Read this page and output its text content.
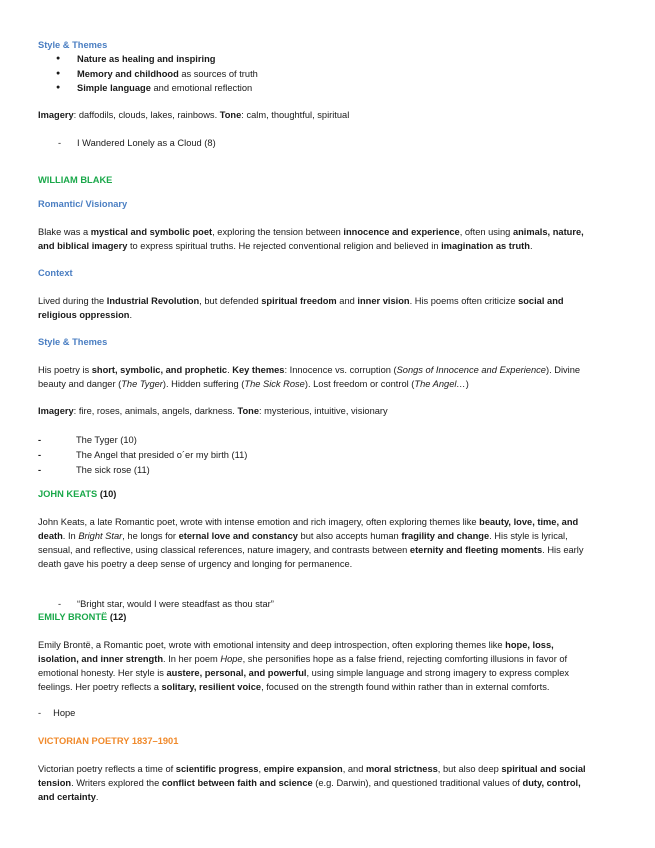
Style & Themes
● Nature as healing and inspiring
● Memory and childhood as sources of truth
● Simple language and emotional reflection
Imagery: daffodils, clouds, lakes, rainbows. Tone: calm, thoughtful, spiritual
- I Wandered Lonely as a Cloud (8)
WILLIAM BLAKE
Romantic/ Visionary
Blake was a mystical and symbolic poet, exploring the tension between innocence and experience, often using animals, nature,
and biblical imagery to express spiritual truths. He rejected conventional religion and believed in imagination as truth.
Context
Lived during the Industrial Revolution, but defended spiritual freedom and inner vision. His poems often criticize social and
religious oppression.
Style & Themes
His poetry is short, symbolic, and prophetic. Key themes: Innocence vs. corruption (Songs of Innocence and Experience). Divine
beauty and danger (The Tyger). Hidden suffering (The Sick Rose). Lost freedom or control (The Angel…)
Imagery: fire, roses, animals, angels, darkness. Tone: mysterious, intuitive, visionary
-	The Tyger (10)
-	The Angel that presided o´er my birth (11)
-	The sick rose (11)
JOHN KEATS (10)
John Keats, a late Romantic poet, wrote with intense emotion and rich imagery, often exploring themes like beauty, love, time, and
death. In Bright Star, he longs for eternal love and constancy but also accepts human fragility and change. His style is lyrical,
sensual, and reflective, using classical references, nature imagery, and contrasts between eternity and fleeting moments. His early
death gave his poetry a deep sense of urgency and longing for permanence.
- “Bright star, would I were steadfast as thou star”
EMILY BRONTË (12)
Emily Brontë, a Romantic poet, wrote with emotional intensity and deep introspection, often exploring themes like hope, loss,
isolation, and inner strength. In her poem Hope, she personifies hope as a false friend, rejecting comforting illusions in favor of
emotional honesty. Her style is austere, personal, and powerful, using simple language and strong imagery to express complex
feelings. Her poetry reflects a solitary, resilient voice, focused on the strength found within rather than in external comforts.
- Hope
VICTORIAN POETRY 1837–1901
Victorian poetry reflects a time of scientific progress, empire expansion, and moral strictness, but also deep spiritual and social
tension. Writers explored the conflict between faith and science (e.g. Darwin), and questioned traditional values of duty, control,
and certainty.
